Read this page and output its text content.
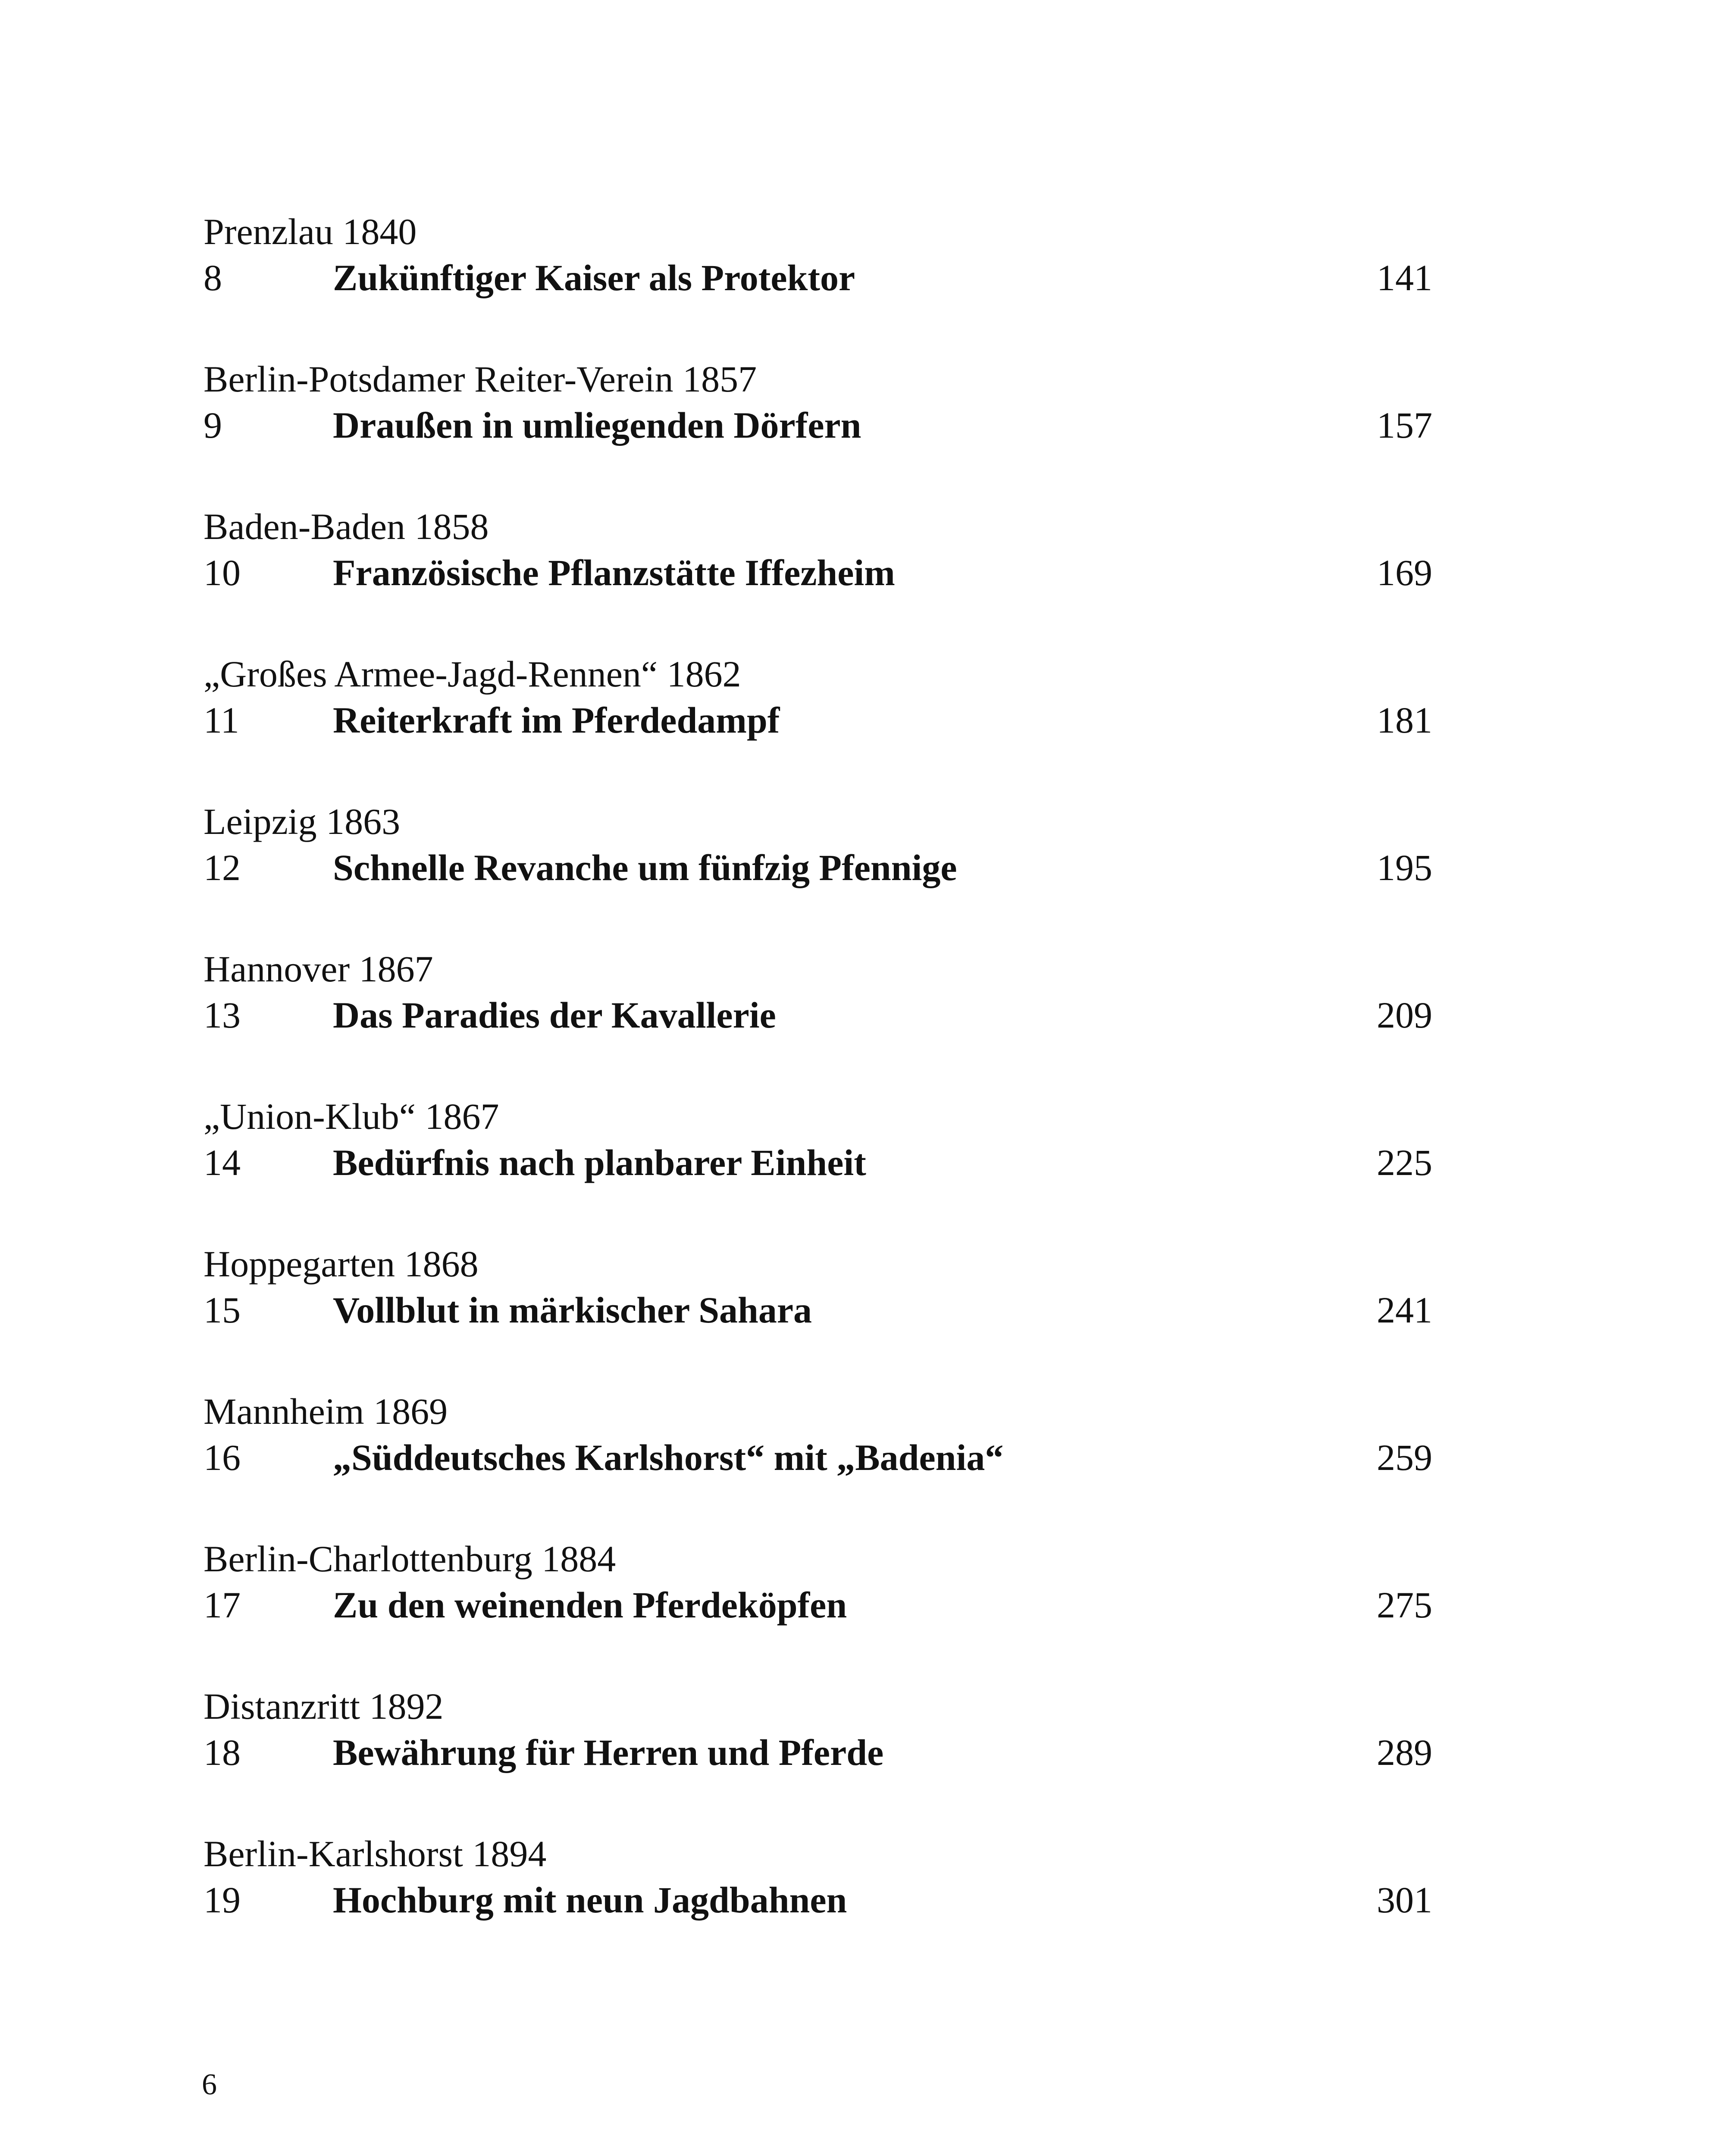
Prenzlau 1840
8	Zukünftiger Kaiser als Protektor	141
Berlin-Potsdamer Reiter-Verein 1857
9	Draußen in umliegenden Dörfern	157
Baden-Baden 1858
10 Französische Pflanzstätte Iffezheim	169
„Großes Armee-Jagd-Rennen“ 1862
11	Reiterkraft im Pferdedampf	181
Leipzig 1863
12 Schnelle Revanche um fünfzig Pfennige	195
Hannover 1867
13 Das Paradies der Kavallerie	209
„Union-Klub“ 1867
14 Bedürfnis nach planbarer Einheit	225
Hoppegarten 1868
15 Vollblut in märkischer Sahara	241
Mannheim 1869
16 „Süddeutsches Karlshorst“ mit „Badenia“	259
Berlin-Charlottenburg 1884
17 Zu den weinenden Pferdeköpfen	275
Distanzritt 1892
18 Bewährung für Herren und Pferde	289
Berlin-Karlshorst 1894
19 Hochburg mit neun Jagdbahnen	301
6
